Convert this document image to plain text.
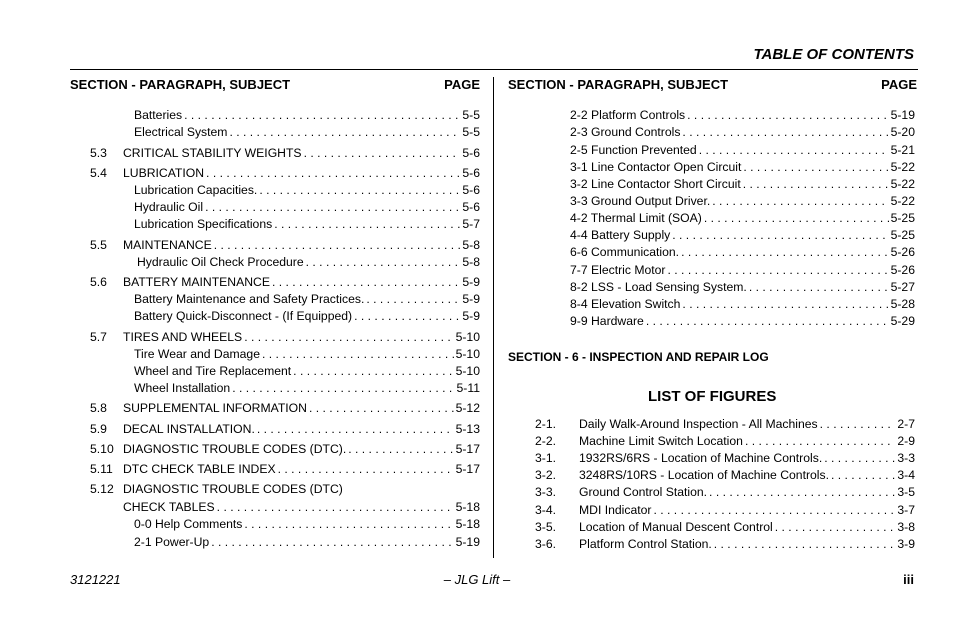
TABLE OF CONTENTS
SECTION - PARAGRAPH, SUBJECT	PAGE SECTION - PARAGRAPH, SUBJECT	PAGE
Batteries . . .	5-5
Electrical System . . .	5-5
5.3 CRITICAL STABILITY WEIGHTS . . .	5-6
5.4 LUBRICATION . . .	5-6
Lubrication Capacities. . . .	5-6
Hydraulic Oil . . .	5-6
Lubrication Specifications . . .	5-7
5.5 MAINTENANCE . . .	5-8
Hydraulic Oil Check Procedure . . .	5-8
5.6 BATTERY MAINTENANCE . . .	5-9
Battery Maintenance and Safety Practices. . . .	5-9
Battery Quick-Disconnect - (If Equipped) . . .	5-9
5.7 TIRES AND WHEELS . . .	5-10
Tire Wear and Damage . . .	5-10
Wheel and Tire Replacement . . .	5-10
Wheel Installation . . .	5-11
5.8 SUPPLEMENTAL INFORMATION . . .	5-12
5.9 DECAL INSTALLATION. . . .	5-13
5.10 DIAGNOSTIC TROUBLE CODES (DTC). . . .	5-17
5.11 DTC CHECK TABLE INDEX . . .	5-17
5.12 DIAGNOSTIC TROUBLE CODES (DTC)
CHECK TABLES . . .	5-18
0-0 Help Comments . . .	5-18
2-1 Power-Up . . .	5-19
2-2 Platform Controls . . .	5-19
2-3 Ground Controls . . .	5-20
2-5 Function Prevented . . .	5-21
3-1 Line Contactor Open Circuit . . .	5-22
3-2 Line Contactor Short Circuit . . .	5-22
3-3 Ground Output Driver. . . .	5-22
4-2 Thermal Limit (SOA) . . .	5-25
4-4 Battery Supply . . .	5-25
6-6 Communication. . . .	5-26
7-7 Electric Motor . . .	5-26
8-2 LSS - Load Sensing System. . . .	5-27
8-4 Elevation Switch . . .	5-28
9-9 Hardware . . .	5-29
SECTION - 6 - INSPECTION AND REPAIR LOG
LIST OF FIGURES
2-1. Daily Walk-Around Inspection - All Machines . . .	2-7
2-2. Machine Limit Switch Location . . .	2-9
3-1. 1932RS/6RS - Location of Machine Controls. . . .	3-3
3-2. 3248RS/10RS - Location of Machine Controls. . . .	3-4
3-3. Ground Control Station. . . .	3-5
3-4. MDI Indicator . . .	3-7
3-5. Location of Manual Descent Control . . .	3-8
3-6. Platform Control Station. . . .	3-9
3121221	– JLG Lift –	iii
